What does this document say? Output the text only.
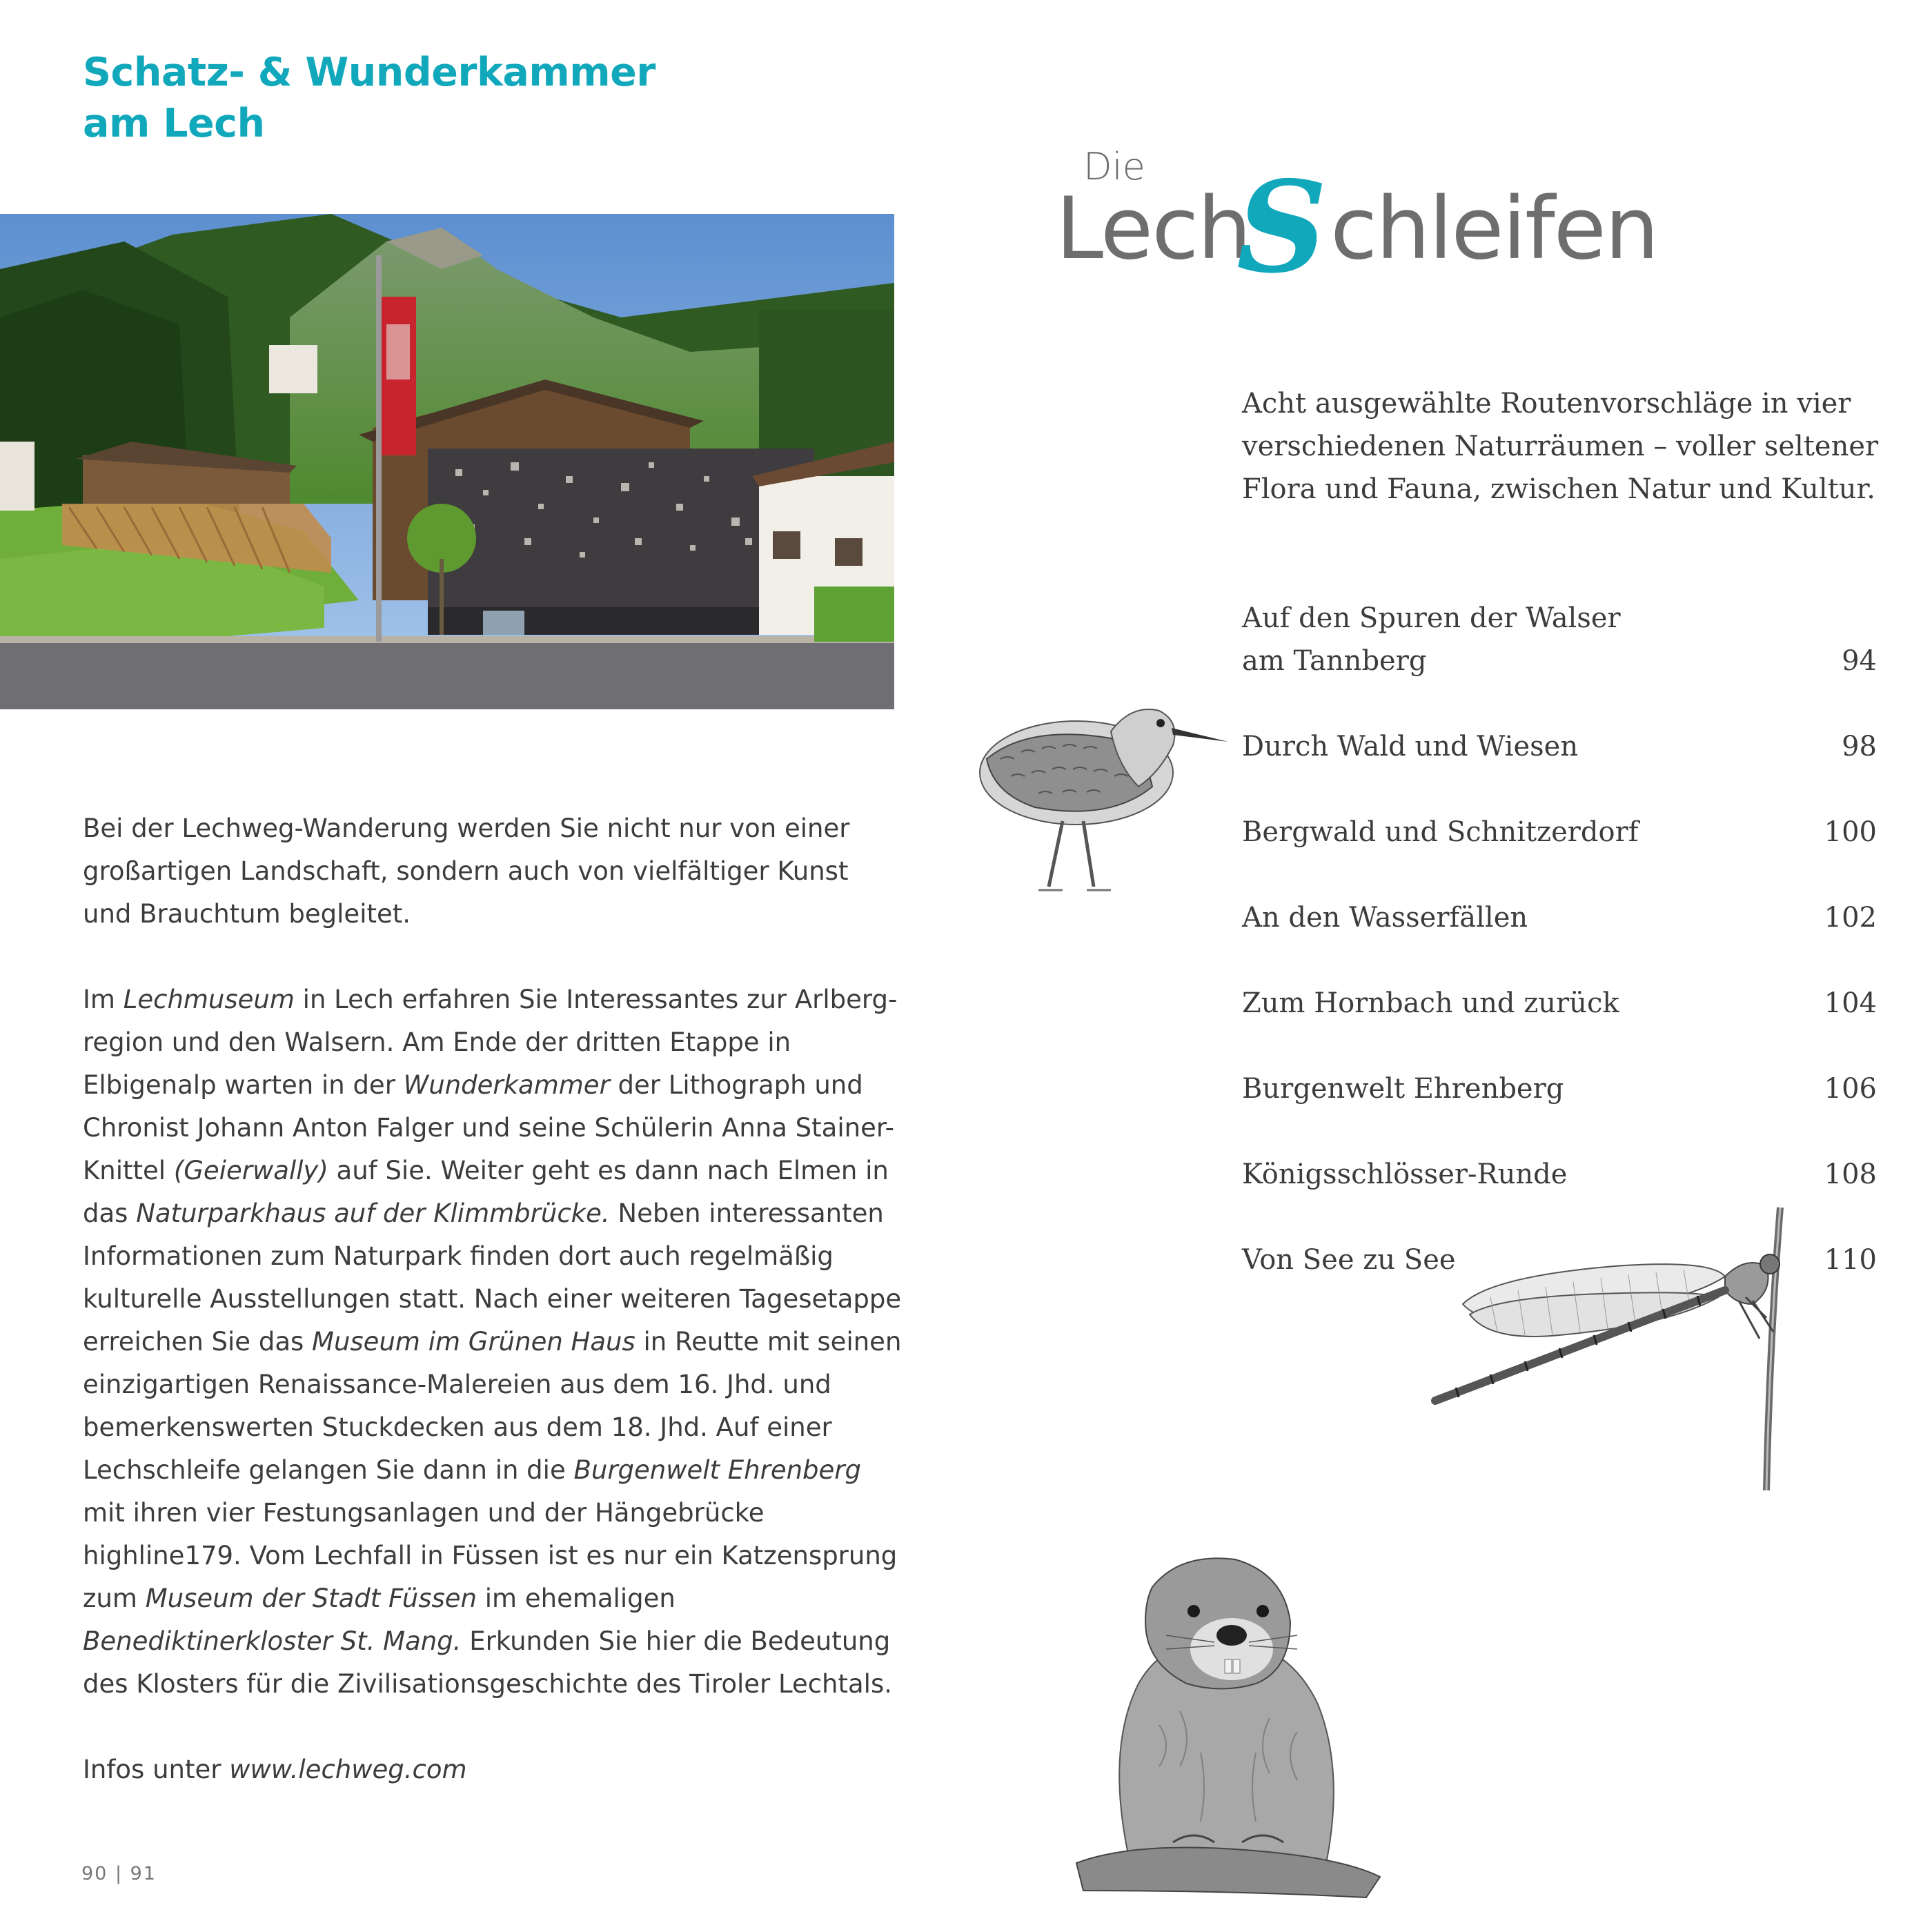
Schatz- & Wunderkammer
am Lech

Bei der Lechweg-Wanderung werden Sie nicht nur von einer großartigen Landschaft, sondern auch von vielfältiger Kunst und Brauchtum begleitet.

Im Lechmuseum in Lech erfahren Sie Interessantes zur Arlbergregion und den Walsern. Am Ende der dritten Etappe in Elbigenalp warten in der Wunderkammer der Lithograph und Chronist Johann Anton Falger und seine Schülerin Anna Stainer-Knittel (Geierwally) auf Sie. Weiter geht es dann nach Elmen in das Naturparkhaus auf der Klimmbrücke. Neben interessanten Informationen zum Naturpark finden dort auch regelmäßig kulturelle Ausstellungen statt. Nach einer weiteren Tagesetappe erreichen Sie das Museum im Grünen Haus in Reutte mit seinen einzigartigen Renaissance-Malereien aus dem 16. Jhd. und bemerkenswerten Stuckdecken aus dem 18. Jhd. Auf einer Lechschleife gelangen Sie dann in die Burgenwelt Ehrenberg mit ihren vier Festungsanlagen und der Hängebrücke highline179. Vom Lechfall in Füssen ist es nur ein Katzensprung zum Museum der Stadt Füssen im ehemaligen Benediktinerkloster St. Mang. Erkunden Sie hier die Bedeutung des Klosters für die Zivilisationsgeschichte des Tiroler Lechtals.

Infos unter www.lechweg.com

90 | 91
Die
Lech
S chleifen
Acht ausgewählte Routenvorschläge in vier verschiedenen Naturräumen – voller seltener Flora und Fauna, zwischen Natur und Kultur.
Auf den Spuren der Walser
am Tannberg	94
Durch Wald und Wiesen	98
Bergwald und Schnitzerdorf	100
An den Wasserfällen	102
Zum Hornbach und zurück	104
Burgenwelt Ehrenberg	106
Königsschlösser-Runde	108
Von See zu See	110
